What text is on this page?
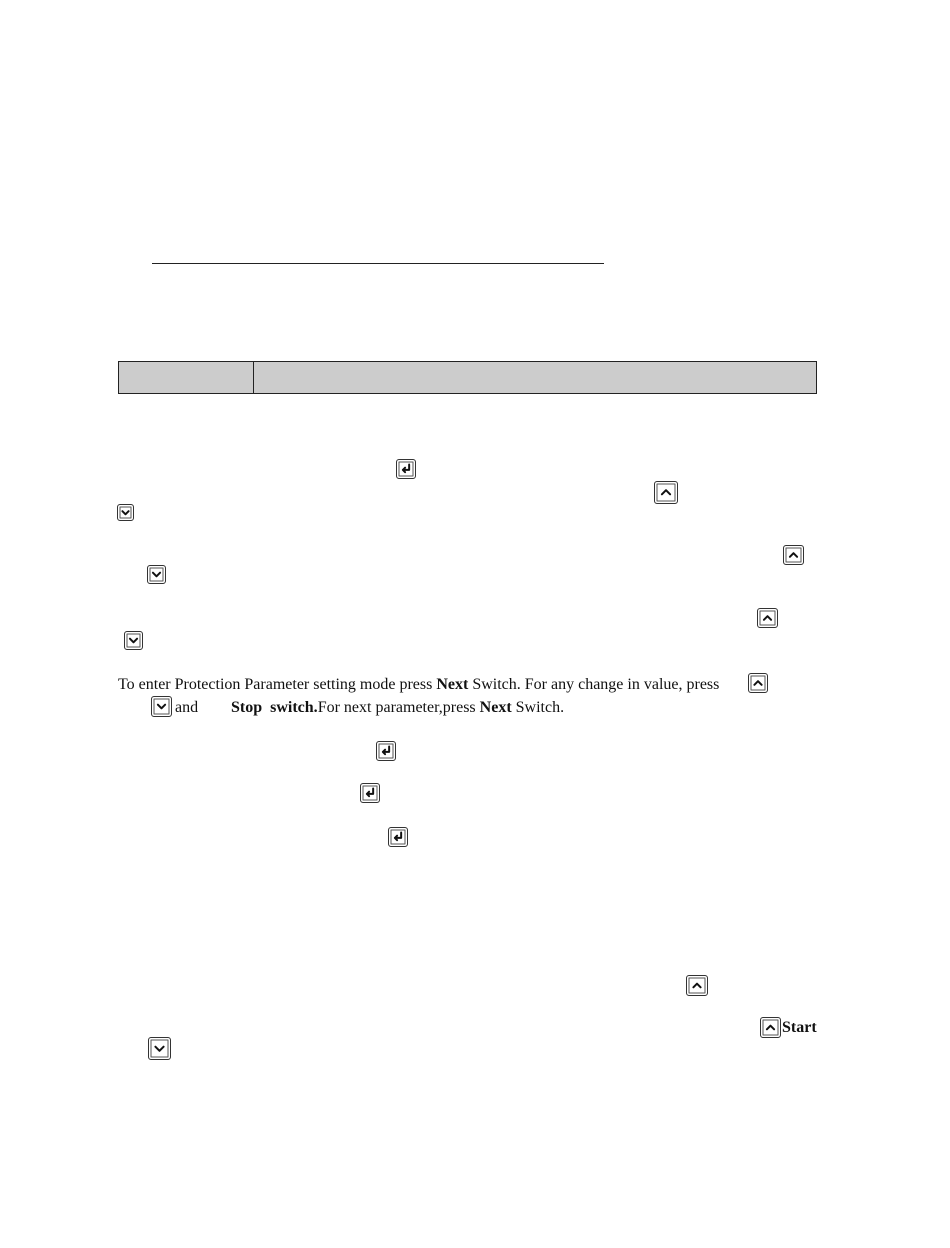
To enter Protection Parameter setting mode press Next Switch. For any change in value, press
and Stop switch.For next parameter,press Next Switch.
Start
